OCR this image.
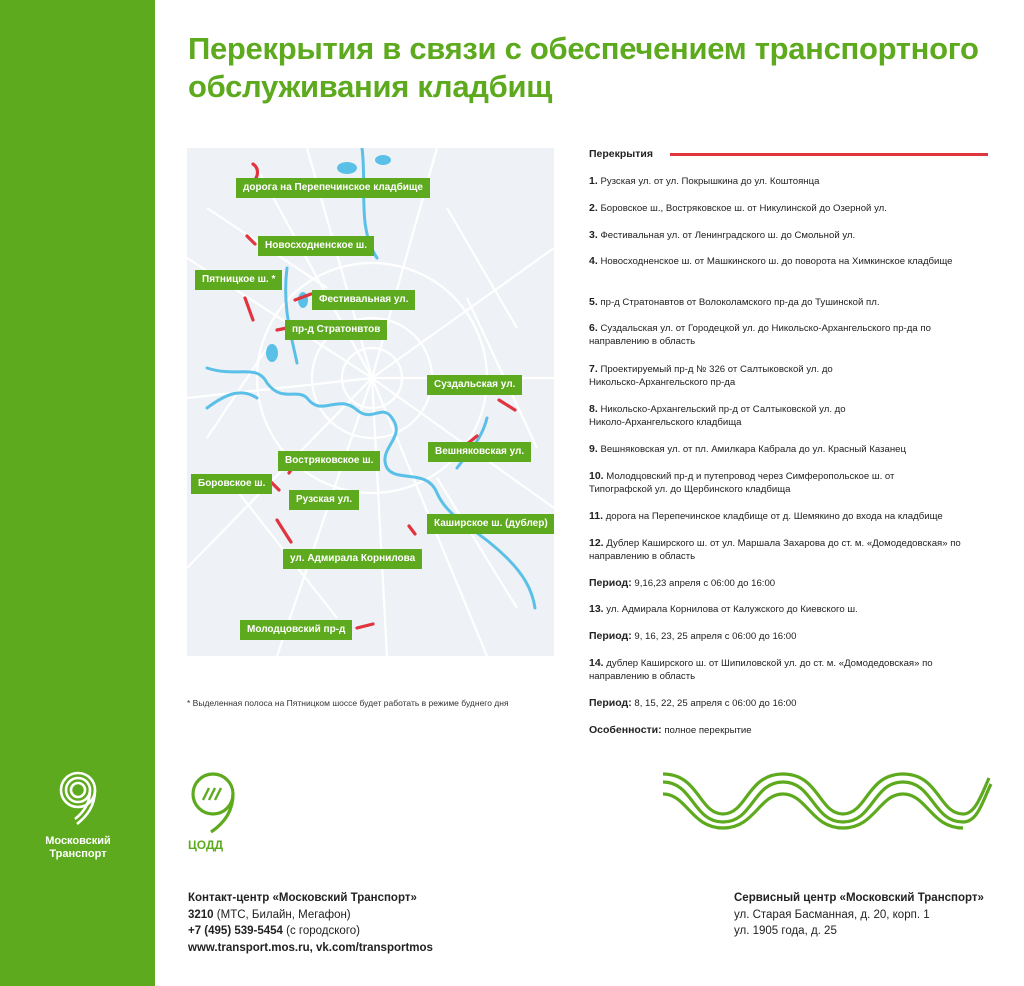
Московский
Транспорт
Перекрытия в связи с обеспечением транспортного
обслуживания кладбищ
дорога на Перепечинское кладбище
Новосходненское ш.
Пятницкое ш. *
Фестивальная ул.
пр-д Стратонвтов
Суздальская ул.
Вешняковская ул.
Востряковское ш.
Боровское ш.
Рузская ул.
Каширское ш. (дублер)
ул. Адмирала Корнилова
Молодцовский пр-д
* Выделенная полоса на Пятницком шоссе будет работать в режиме буднего дня
Перекрытия
1. Рузская ул. от ул. Покрышкина до ул. Коштоянца
2. Боровское ш., Востряковское ш. от Никулинской до Озерной ул.
3. Фестивальная ул. от Ленинградского ш. до Смольной ул.
4. Новосходненское ш. от Машкинского ш. до поворота на Химкинское кладбище
5. пр-д Стратонавтов от Волоколамского пр-да до Тушинской пл.
6. Суздальская ул. от Городецкой ул. до Никольско-Архангельского пр-да по направлению в область
7. Проектируемый пр-д № 326 от Салтыковской ул. до Никольско-Архангельского пр-да
8. Никольско-Архангельский пр-д от Салтыковской ул. до Николо-Архангельского кладбища
9. Вешняковская ул. от пл. Амилкара Кабрала до ул. Красный Казанец
10. Молодцовский пр-д и путепровод через Симферопольское ш. от Типографской ул. до Щербинского кладбища
11. дорога на Перепечинское кладбище от д. Шемякино до входа на кладбище
12. Дублер Каширского ш. от ул. Маршала Захарова до ст. м. «Домодедовская» по направлению в область
Период: 9,16,23 апреля с 06:00 до 16:00
13. ул. Адмирала Корнилова от Калужского до Киевского ш.
Период: 9, 16, 23, 25 апреля с 06:00 до 16:00
14. дублер Каширского ш. от Шипиловской ул. до ст. м. «Домодедовская» по направлению в область
Период: 8, 15, 22, 25 апреля с 06:00 до 16:00
Особенности: полное перекрытие
ЦОДД
Контакт-центр «Московский Транспорт»
3210 (МТС, Билайн, Мегафон)
+7 (495) 539-5454 (с городского)
www.transport.mos.ru, vk.com/transportmos
Сервисный центр «Московский Транспорт»
ул. Старая Басманная, д. 20, корп. 1
ул. 1905 года, д. 25
